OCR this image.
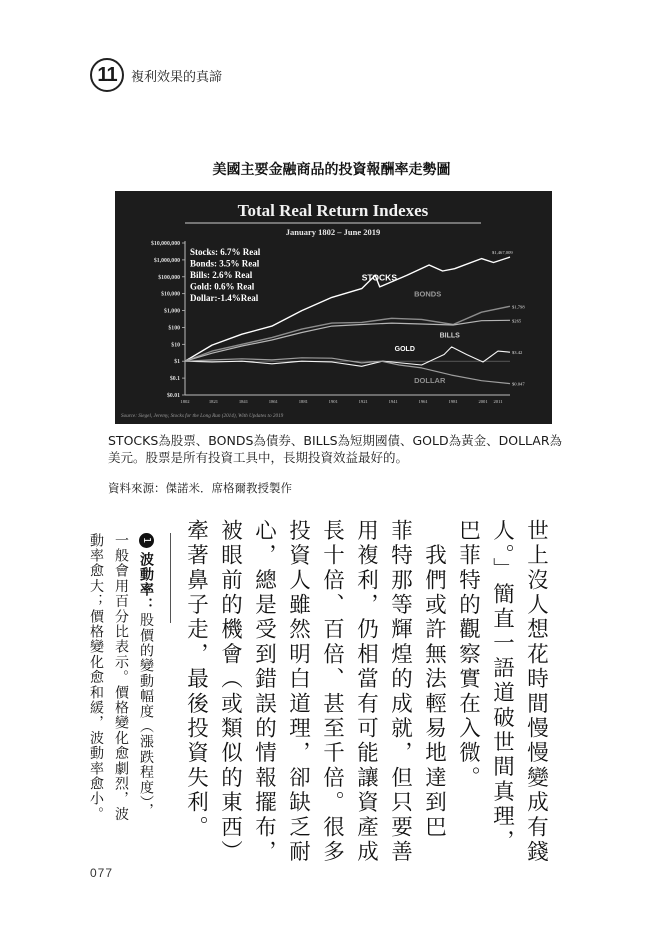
11	複利效果的真諦
美國主要金融商品的投資報酬率走勢圖
Total Real Return Indexes
January 1802 – June 2019
$10,000,000
$1,000,000
$100,000
$10,000
$1,000
$100
$10
$1
$0.1
$0.01
1802	1821	1841	1861	1881	1901	1921	1941	1961	1981	2001 2011
STOCKS
$1,467,009
BONDS
$1,798
BILLS
$265
GOLD	$3.42
DOLLAR	$0.047
Stocks: 6.7% Real
Bonds: 3.5% Real
Bills: 2.6% Real
Gold: 0.6% Real
Dollar:-1.4%Real
Source: Siegel, Jeremy, Stocks for the Long Run (2014), With Updates to 2019
STOCKS為股票、BONDS為債券、BILLS為短期國債、GOLD為黃金、DOLLAR為美元。股票是所有投資工具中，長期投資效益最好的。
資料來源：傑諾米．席格爾教授製作
世上沒人想花時間慢慢變成有錢
人。」簡直一語道破世間真理，
巴菲特的觀察實在入微。
　我們或許無法輕易地達到巴
菲特那等輝煌的成就，但只要善
用複利，仍相當有可能讓資產成
長十倍、百倍、甚至千倍。很多
投資人雖然明白道理，卻缺乏耐
心，總是受到錯誤的情報擺布，
被眼前的機會（或類似的東西）
牽著鼻子走，最後投資失利。
1波動率：股價的變動幅度（漲跌程度），
一般會用百分比表示。價格變化愈劇烈，波
動率愈大；價格變化愈和緩，波動率愈小。
077
